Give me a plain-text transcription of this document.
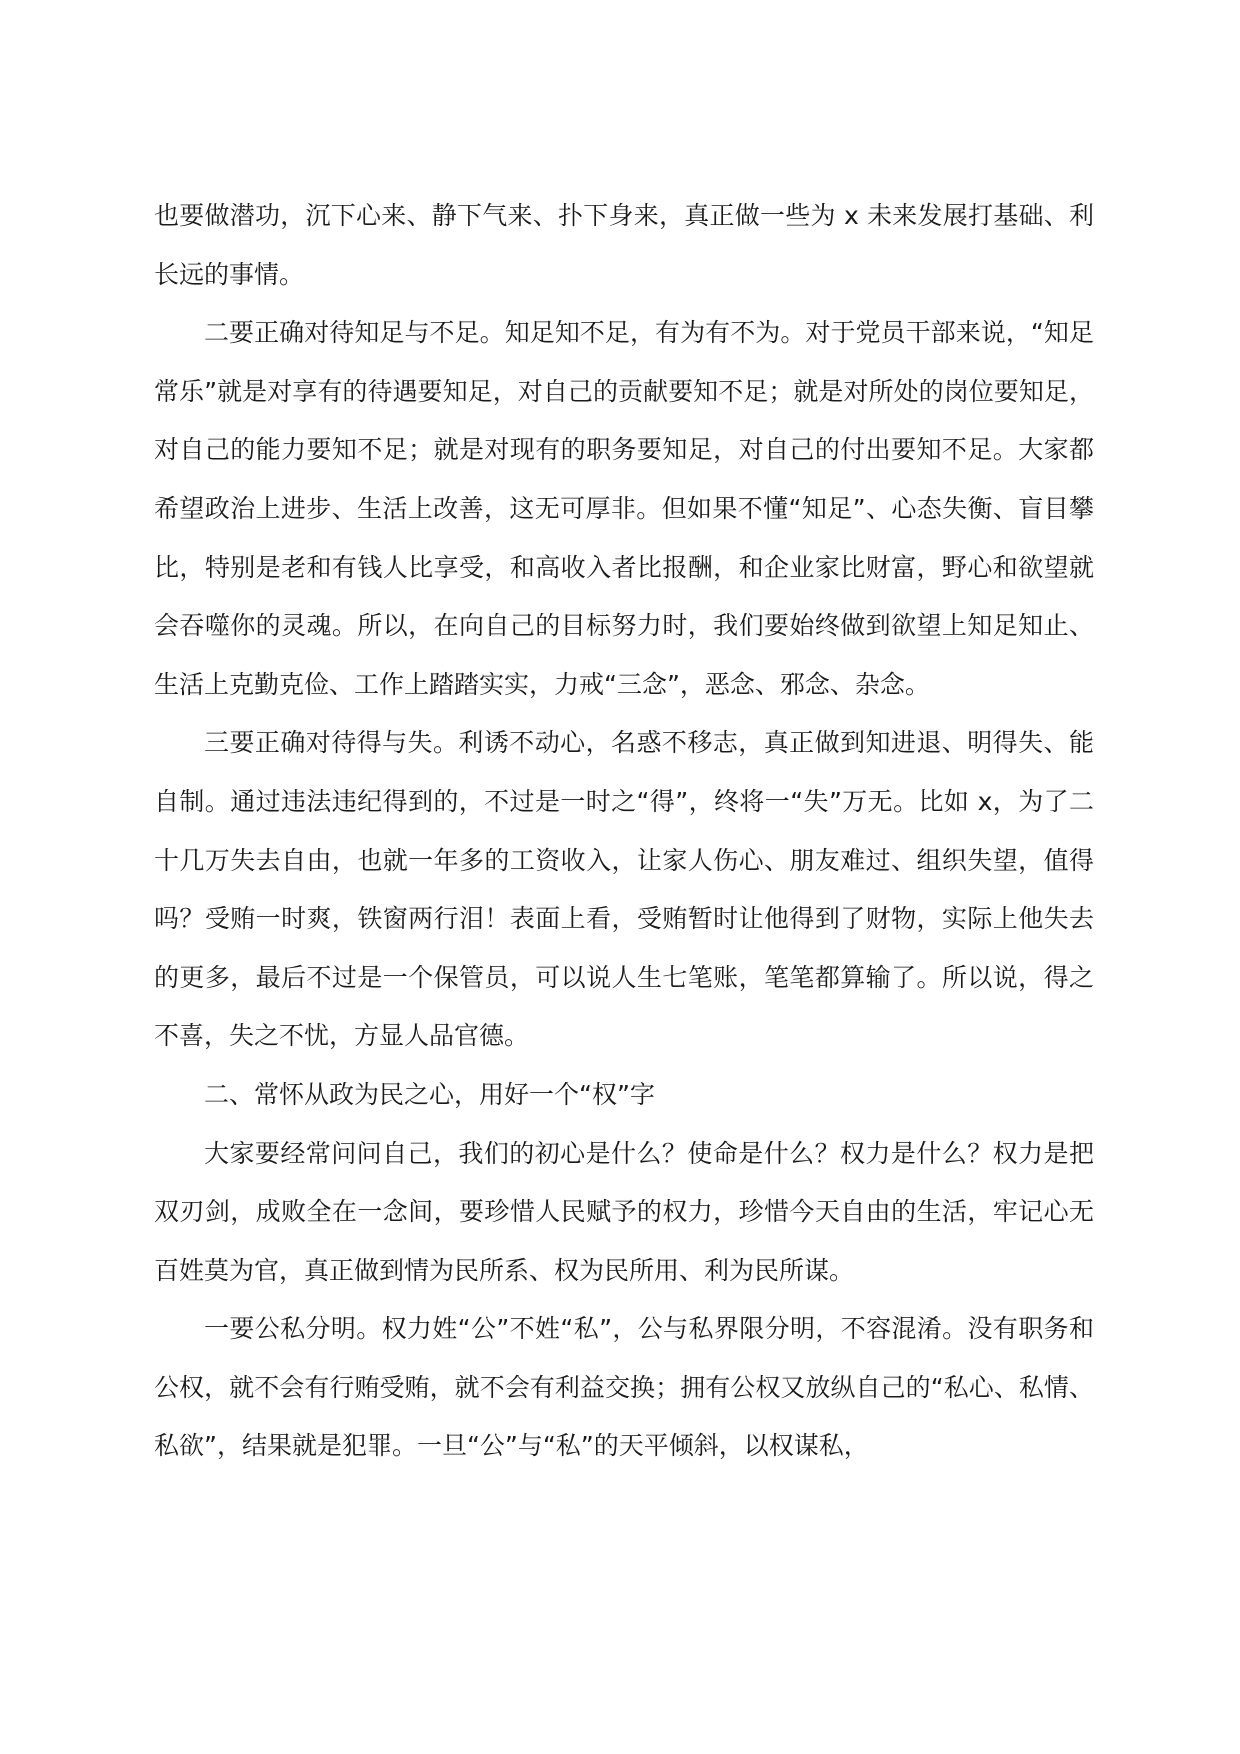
也要做潜功，沉下心来、静下气来、扑下身来，真正做一些为 x 未来发展打基础、利长远的事情。

二要正确对待知足与不足。知足知不足，有为有不为。对于党员干部来说，“知足常乐”就是对享有的待遇要知足，对自己的贡献要知不足；就是对所处的岗位要知足，对自己的能力要知不足；就是对现有的职务要知足，对自己的付出要知不足。大家都希望政治上进步、生活上改善，这无可厚非。但如果不懂“知足”、心态失衡、盲目攀比，特别是老和有钱人比享受，和高收入者比报酬，和企业家比财富，野心和欲望就会吞噬你的灵魂。所以，在向自己的目标努力时，我们要始终做到欲望上知足知止、生活上克勤克俭、工作上踏踏实实，力戒“三念”，恶念、邪念、杂念。

三要正确对待得与失。利诱不动心，名惑不移志，真正做到知进退、明得失、能自制。通过违法违纪得到的，不过是一时之“得”，终将一“失”万无。比如 x，为了二十几万失去自由，也就一年多的工资收入，让家人伤心、朋友难过、组织失望，值得吗？受贿一时爽，铁窗两行泪！表面上看，受贿暂时让他得到了财物，实际上他失去的更多，最后不过是一个保管员，可以说人生七笔账，笔笔都算输了。所以说，得之不喜，失之不忧，方显人品官德。

二、常怀从政为民之心，用好一个“权”字

大家要经常问问自己，我们的初心是什么？使命是什么？权力是什么？权力是把双刃剑，成败全在一念间，要珍惜人民赋予的权力，珍惜今天自由的生活，牢记心无百姓莫为官，真正做到情为民所系、权为民所用、利为民所谋。

一要公私分明。权力姓“公”不姓“私”，公与私界限分明，不容混淆。没有职务和公权，就不会有行贿受贿，就不会有利益交换；拥有公权又放纵自己的“私心、私情、私欲”，结果就是犯罪。一旦“公”与“私”的天平倾斜，以权谋私，
